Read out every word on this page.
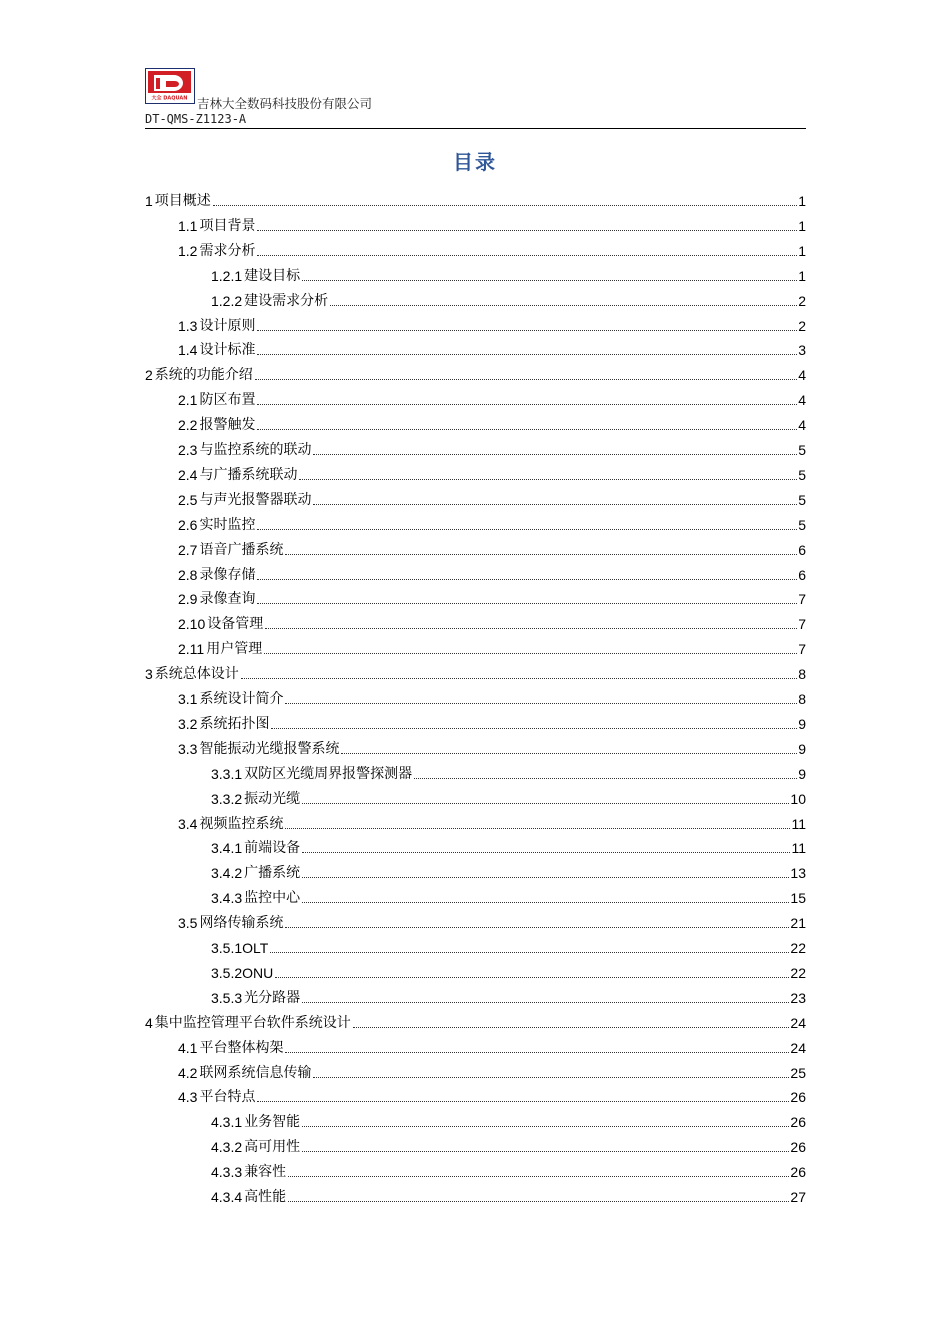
大全 DAQUAN 吉林大全数码科技股份有限公司
DT-QMS-Z1123-A
目录
1 项目概述	1
1.1 项目背景	1
1.2 需求分析	1
1.2.1 建设目标	1
1.2.2 建设需求分析	2
1.3 设计原则	2
1.4 设计标准	3
2 系统的功能介绍	4
2.1 防区布置	4
2.2 报警触发	4
2.3 与监控系统的联动	5
2.4 与广播系统联动	5
2.5 与声光报警器联动	5
2.6 实时监控	5
2.7 语音广播系统	6
2.8 录像存储	6
2.9 录像查询	7
2.10 设备管理	7
2.11 用户管理	7
3 系统总体设计	8
3.1 系统设计简介	8
3.2 系统拓扑图	9
3.3 智能振动光缆报警系统	9
3.3.1 双防区光缆周界报警探测器	9
3.3.2 振动光缆	10
3.4 视频监控系统	11
3.4.1 前端设备	11
3.4.2 广播系统	13
3.4.3 监控中心	15
3.5 网络传输系统	21
3.5.1OLT	22
3.5.2ONU	22
3.5.3 光分路器	23
4 集中监控管理平台软件系统设计	24
4.1 平台整体构架	24
4.2 联网系统信息传输	25
4.3 平台特点	26
4.3.1 业务智能	26
4.3.2 高可用性	26
4.3.3 兼容性	26
4.3.4 高性能	27
